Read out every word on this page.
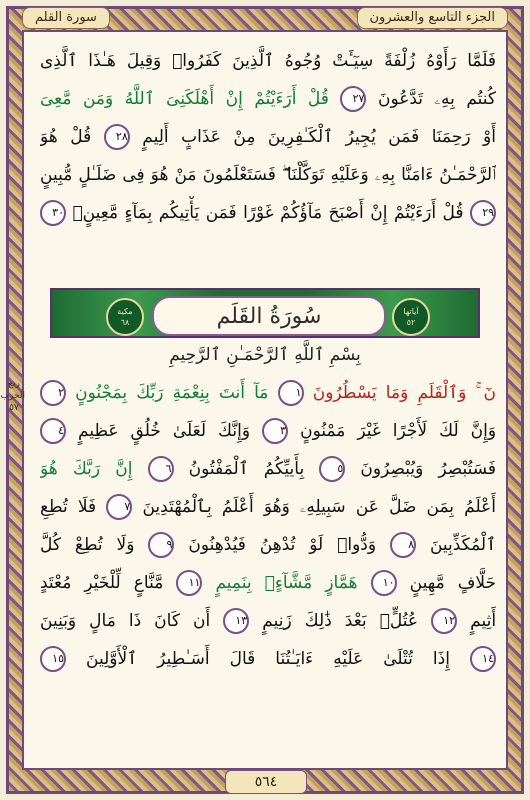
سورة القلم	الجزء التاسع والعشرون
ربع
الحزب
٥٧
فَلَمَّا رَأَوْهُ زُلْفَةً سِيٓـَٔتْ وُجُوهُ ٱلَّذِينَ كَفَرُوا۟ وَقِيلَ هَـٰذَا ٱلَّذِى
كُنتُم بِهِۦ تَدَّعُونَ ٢٧ قُلْ أَرَءَيْتُمْ إِنْ أَهْلَكَنِىَ ٱللَّهُ وَمَن مَّعِىَ
أَوْ رَحِمَنَا فَمَن يُجِيرُ ٱلْكَـٰفِرِينَ مِنْ عَذَابٍ أَلِيمٍ ٢٨ قُلْ هُوَ
ٱلرَّحْمَـٰنُ ءَامَنَّا بِهِۦ وَعَلَيْهِ تَوَكَّلْنَا ۖ فَسَتَعْلَمُونَ مَنْ هُوَ فِى ضَلَـٰلٍ مُّبِينٍ
٢٩ قُلْ أَرَءَيْتُمْ إِنْ أَصْبَحَ مَآؤُكُمْ غَوْرًا فَمَن يَأْتِيكُم بِمَآءٍ مَّعِينٍۭ ٣٠
مكية
٦٨	سُورَةُ القَلَم	آياتها
٥٢
بِسْمِ ٱللَّهِ ٱلرَّحْمَـٰنِ ٱلرَّحِيمِ
نٓ ۚ وَٱلْقَلَمِ وَمَا يَسْطُرُونَ ١ مَآ أَنتَ بِنِعْمَةِ رَبِّكَ بِمَجْنُونٍ ٢
وَإِنَّ لَكَ لَأَجْرًا غَيْرَ مَمْنُونٍ ٣ وَإِنَّكَ لَعَلَىٰ خُلُقٍ عَظِيمٍ ٤
فَسَتُبْصِرُ وَيُبْصِرُونَ ٥ بِأَييِّكُمُ ٱلْمَفْتُونُ ٦ إِنَّ رَبَّكَ هُوَ
أَعْلَمُ بِمَن ضَلَّ عَن سَبِيلِهِۦ وَهُوَ أَعْلَمُ بِٱلْمُهْتَدِينَ ٧ فَلَا تُطِعِ
ٱلْمُكَذِّبِينَ ٨ وَدُّوا۟ لَوْ تُدْهِنُ فَيُدْهِنُونَ ٩ وَلَا تُطِعْ كُلَّ
حَلَّافٍ مَّهِينٍ ١٠ هَمَّازٍ مَّشَّآءٍۭ بِنَمِيمٍ ١١ مَّنَّاعٍ لِّلْخَيْرِ مُعْتَدٍ
أَثِيمٍ ١٢ عُتُلٍّۭ بَعْدَ ذَٰلِكَ زَنِيمٍ ١٣ أَن كَانَ ذَا مَالٍ وَبَنِينَ
١٤ إِذَا تُتْلَىٰ عَلَيْهِ ءَايَـٰتُنَا قَالَ أَسَـٰطِيرُ ٱلْأَوَّلِينَ ١٥
٥٦٤
